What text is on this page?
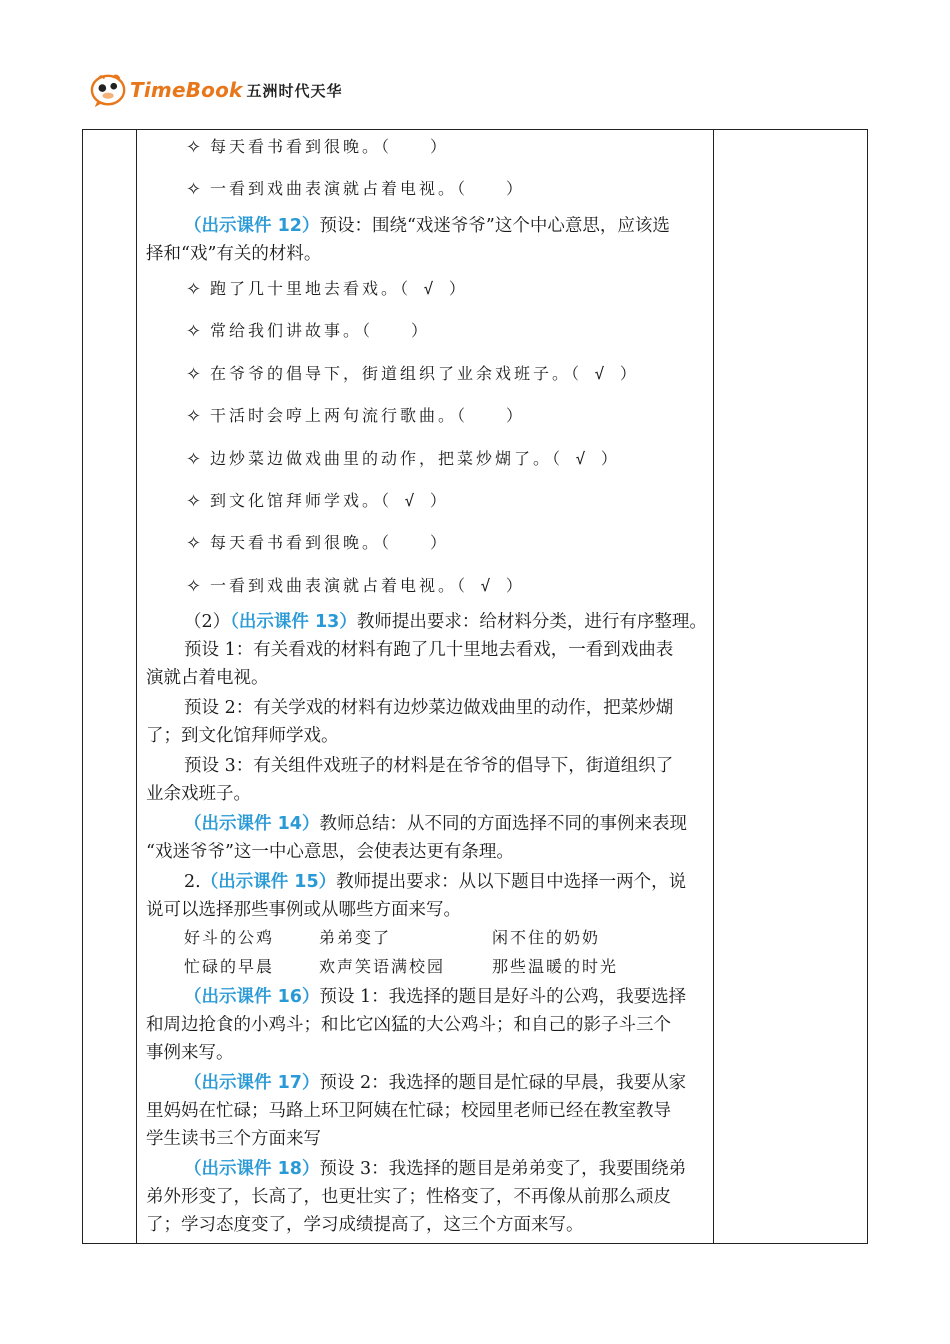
TimeBook 五洲时代天华
✧ 每天看书看到很晚。（　　）
✧ 一看到戏曲表演就占着电视。（　　）
（出示课件 12）预设：围绕“戏迷爷爷”这个中心意思，应该选
择和“戏”有关的材料。
✧ 跑了几十里地去看戏。（ √ ）
✧ 常给我们讲故事。（　　）
✧ 在爷爷的倡导下，街道组织了业余戏班子。（ √ ）
✧ 干活时会哼上两句流行歌曲。（　　）
✧ 边炒菜边做戏曲里的动作，把菜炒煳了。（ √ ）
✧ 到文化馆拜师学戏。（ √ ）
✧ 每天看书看到很晚。（　　）
✧ 一看到戏曲表演就占着电视。（ √ ）
（2）（出示课件 13）教师提出要求：给材料分类，进行有序整理。
预设 1：有关看戏的材料有跑了几十里地去看戏，一看到戏曲表
演就占着电视。
预设 2：有关学戏的材料有边炒菜边做戏曲里的动作，把菜炒煳
了；到文化馆拜师学戏。
预设 3：有关组件戏班子的材料是在爷爷的倡导下，街道组织了
业余戏班子。
（出示课件 14）教师总结：从不同的方面选择不同的事例来表现
“戏迷爷爷”这一中心意思，会使表达更有条理。
2.（出示课件 15）教师提出要求：从以下题目中选择一两个，说
说可以选择那些事例或从哪些方面来写。
好斗的公鸡	弟弟变了	闲不住的奶奶
忙碌的早晨	欢声笑语满校园	那些温暖的时光
（出示课件 16）预设 1：我选择的题目是好斗的公鸡，我要选择
和周边抢食的小鸡斗；和比它凶猛的大公鸡斗；和自己的影子斗三个
事例来写。
（出示课件 17）预设 2：我选择的题目是忙碌的早晨，我要从家
里妈妈在忙碌；马路上环卫阿姨在忙碌；校园里老师已经在教室教导
学生读书三个方面来写
（出示课件 18）预设 3：我选择的题目是弟弟变了，我要围绕弟
弟外形变了，长高了，也更壮实了；性格变了，不再像从前那么顽皮
了；学习态度变了，学习成绩提高了，这三个方面来写。
